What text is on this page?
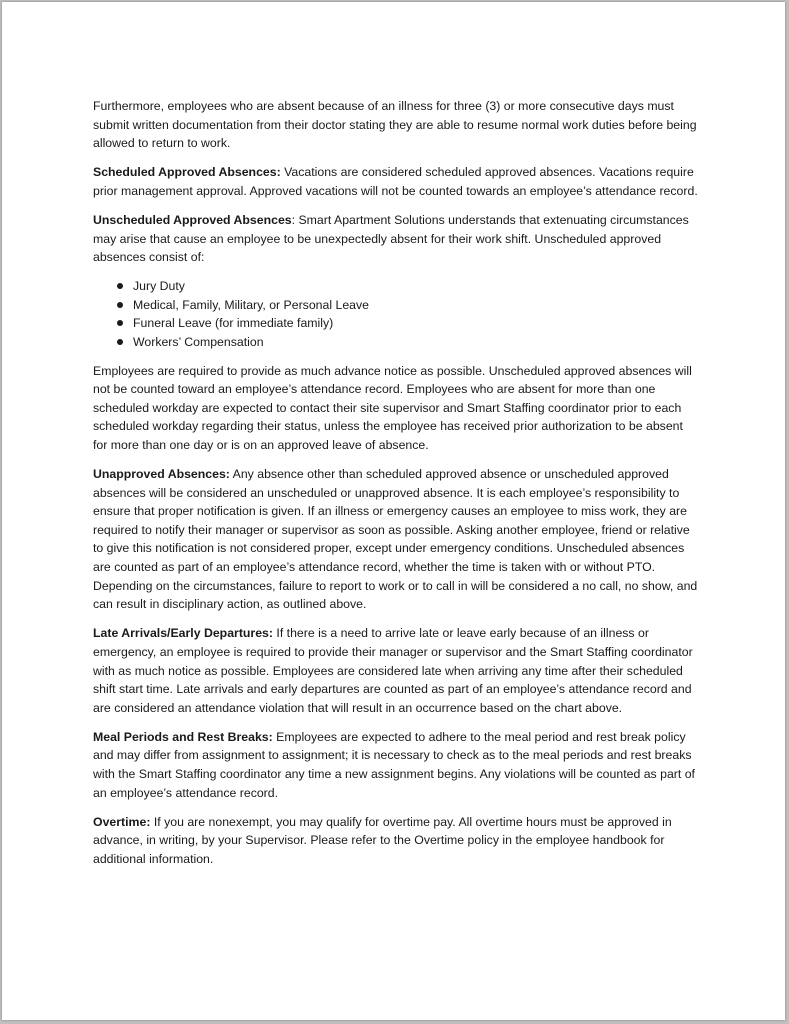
Furthermore, employees who are absent because of an illness for three (3) or more consecutive days must submit written documentation from their doctor stating they are able to resume normal work duties before being allowed to return to work.

Scheduled Approved Absences: Vacations are considered scheduled approved absences. Vacations require prior management approval. Approved vacations will not be counted towards an employee’s attendance record.

Unscheduled Approved Absences: Smart Apartment Solutions understands that extenuating circumstances may arise that cause an employee to be unexpectedly absent for their work shift. Unscheduled approved absences consist of:

Jury Duty
Medical, Family, Military, or Personal Leave
Funeral Leave (for immediate family)
Workers’ Compensation

Employees are required to provide as much advance notice as possible. Unscheduled approved absences will not be counted toward an employee’s attendance record. Employees who are absent for more than one scheduled workday are expected to contact their site supervisor and Smart Staffing coordinator prior to each scheduled workday regarding their status, unless the employee has received prior authorization to be absent for more than one day or is on an approved leave of absence.

Unapproved Absences: Any absence other than scheduled approved absence or unscheduled approved absences will be considered an unscheduled or unapproved absence. It is each employee’s responsibility to ensure that proper notification is given. If an illness or emergency causes an employee to miss work, they are required to notify their manager or supervisor as soon as possible. Asking another employee, friend or relative to give this notification is not considered proper, except under emergency conditions. Unscheduled absences are counted as part of an employee’s attendance record, whether the time is taken with or without PTO. Depending on the circumstances, failure to report to work or to call in will be considered a no call, no show, and can result in disciplinary action, as outlined above.

Late Arrivals/Early Departures: If there is a need to arrive late or leave early because of an illness or emergency, an employee is required to provide their manager or supervisor and the Smart Staffing coordinator with as much notice as possible. Employees are considered late when arriving any time after their scheduled shift start time. Late arrivals and early departures are counted as part of an employee’s attendance record and are considered an attendance violation that will result in an occurrence based on the chart above.

Meal Periods and Rest Breaks: Employees are expected to adhere to the meal period and rest break policy and may differ from assignment to assignment; it is necessary to check as to the meal periods and rest breaks with the Smart Staffing coordinator any time a new assignment begins. Any violations will be counted as part of an employee’s attendance record.

Overtime: If you are nonexempt, you may qualify for overtime pay. All overtime hours must be approved in advance, in writing, by your Supervisor. Please refer to the Overtime policy in the employee handbook for additional information.
